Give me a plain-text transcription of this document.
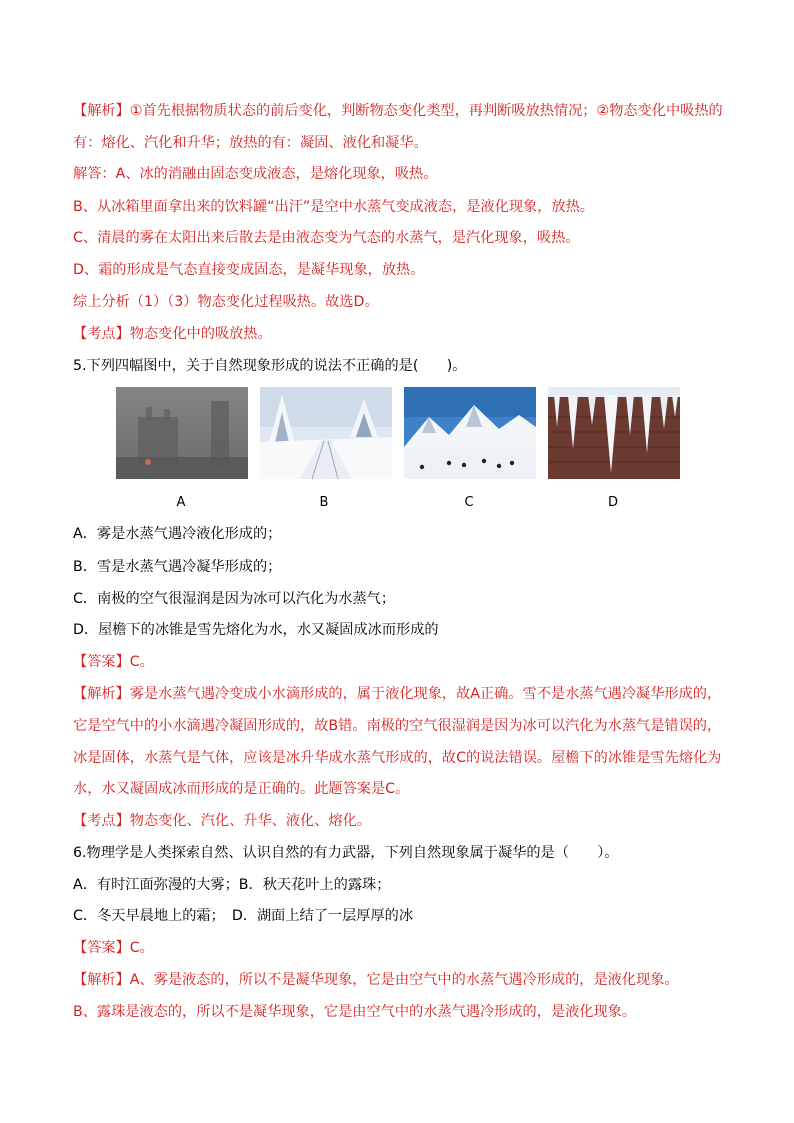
【解析】①首先根据物质状态的前后变化，判断物态变化类型，再判断吸放热情况；②物态变化中吸热的
有：熔化、汽化和升华；放热的有：凝固、液化和凝华。
解答：A、冰的消融由固态变成液态，是熔化现象，吸热。
B、从冰箱里面拿出来的饮料罐“出汗”是空中水蒸气变成液态，是液化现象，放热。
C、清晨的雾在太阳出来后散去是由液态变为气态的水蒸气，是汽化现象，吸热。
D、霜的形成是气态直接变成固态，是凝华现象，放热。
综上分析（1）（3）物态变化过程吸热。故选D。
【考点】物态变化中的吸放热。
5.下列四幅图中，关于自然现象形成的说法不正确的是(　　)。
A	B	C	D
A．雾是水蒸气遇冷液化形成的；
B．雪是水蒸气遇冷凝华形成的；
C．南极的空气很湿润是因为冰可以汽化为水蒸气；
D．屋檐下的冰锥是雪先熔化为水，水又凝固成冰而形成的
【答案】C。
【解析】雾是水蒸气遇冷变成小水滴形成的，属于液化现象，故A正确。雪不是水蒸气遇冷凝华形成的，
它是空气中的小水滴遇冷凝固形成的，故B错。南极的空气很湿润是因为冰可以汽化为水蒸气是错误的，
冰是固体，水蒸气是气体，应该是冰升华成水蒸气形成的，故C的说法错误。屋檐下的冰锥是雪先熔化为
水，水又凝固成冰而形成的是正确的。此题答案是C。
【考点】物态变化、汽化、升华、液化、熔化。
6.物理学是人类探索自然、认识自然的有力武器，下列自然现象属于凝华的是（　　）。
A．有时江面弥漫的大雾；B．秋天花叶上的露珠；
C．冬天早晨地上的霜；　D．湖面上结了一层厚厚的冰
【答案】C。
【解析】A、雾是液态的，所以不是凝华现象，它是由空气中的水蒸气遇冷形成的，是液化现象。
B、露珠是液态的，所以不是凝华现象，它是由空气中的水蒸气遇冷形成的，是液化现象。
